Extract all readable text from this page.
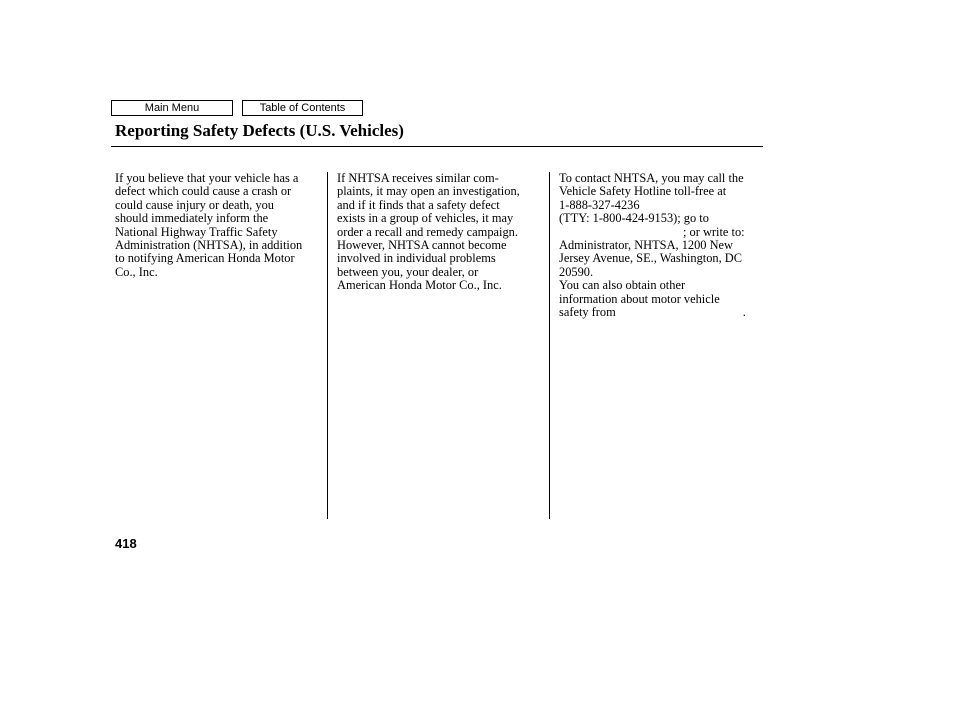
Main Menu	Table of Contents
Reporting Safety Defects (U.S. Vehicles)

If you believe that your vehicle has a
defect which could cause a crash or
could cause injury or death, you
should immediately inform the
National Highway Traffic Safety
Administration (NHTSA), in addition
to notifying American Honda Motor
Co., Inc.

If NHTSA receives similar com-
plaints, it may open an investigation,
and if it finds that a safety defect
exists in a group of vehicles, it may
order a recall and remedy campaign.
However, NHTSA cannot become
involved in individual problems
between you, your dealer, or
American Honda Motor Co., Inc.

To contact NHTSA, you may call the
Vehicle Safety Hotline toll-free at
1-888-327-4236
(TTY: 1-800-424-9153); go to
; or write to:
Administrator, NHTSA, 1200 New
Jersey Avenue, SE., Washington, DC
20590.

You can also obtain other
information about motor vehicle
safety from	.

418
